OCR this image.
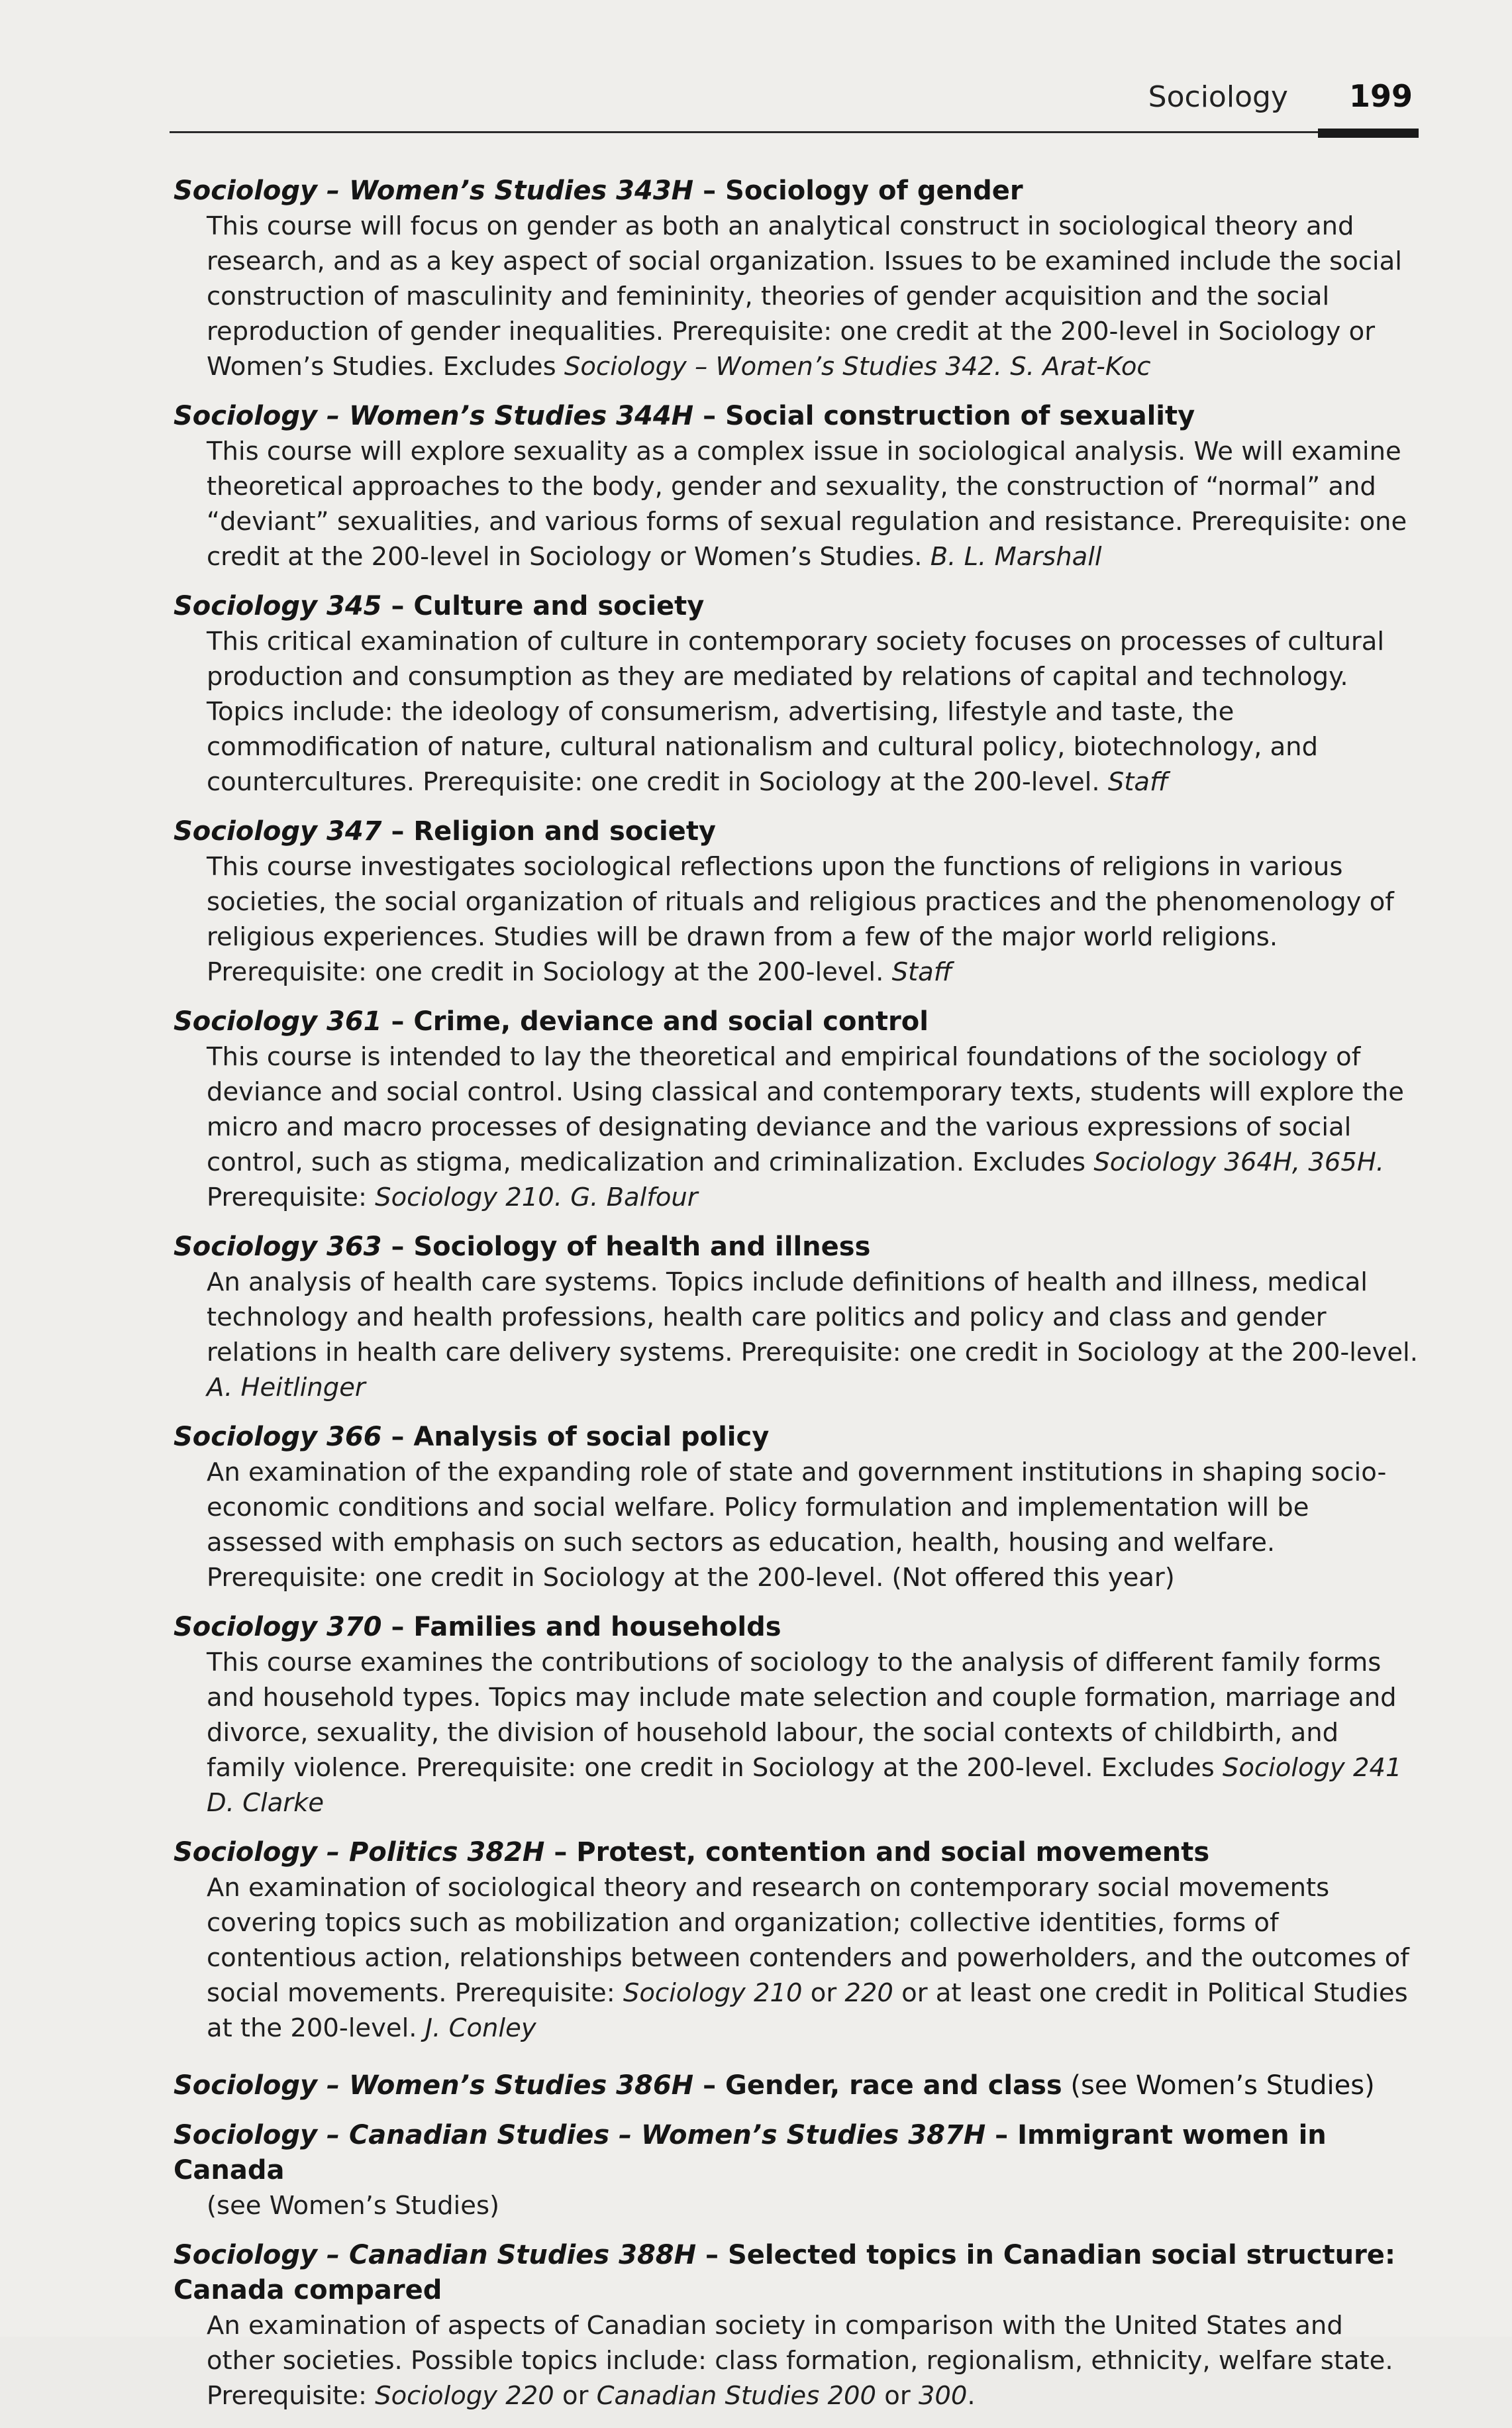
Sociology 199
Sociology – Women’s Studies 343H – Sociology of gender
This course will focus on gender as both an analytical construct in sociological theory and research, and as a key aspect of social organization. Issues to be examined include the social construction of masculinity and femininity, theories of gender acquisition and the social reproduction of gender inequalities. Prerequisite: one credit at the 200-level in Sociology or Women’s Studies. Excludes Sociology – Women’s Studies 342. S. Arat-Koc
Sociology – Women’s Studies 344H – Social construction of sexuality
This course will explore sexuality as a complex issue in sociological analysis. We will examine theoretical approaches to the body, gender and sexuality, the construction of “normal” and “deviant” sexualities, and various forms of sexual regulation and resistance. Prerequisite: one credit at the 200-level in Sociology or Women’s Studies. B. L. Marshall
Sociology 345 – Culture and society
This critical examination of culture in contemporary society focuses on processes of cultural production and consumption as they are mediated by relations of capital and technology. Topics include: the ideology of consumerism, advertising, lifestyle and taste, the commodification of nature, cultural nationalism and cultural policy, biotechnology, and countercultures. Prerequisite: one credit in Sociology at the 200-level. Staff
Sociology 347 – Religion and society
This course investigates sociological reflections upon the functions of religions in various societies, the social organization of rituals and religious practices and the phenomenology of religious experiences. Studies will be drawn from a few of the major world religions. Prerequisite: one credit in Sociology at the 200-level. Staff
Sociology 361 – Crime, deviance and social control
This course is intended to lay the theoretical and empirical foundations of the sociology of deviance and social control. Using classical and contemporary texts, students will explore the micro and macro processes of designating deviance and the various expressions of social control, such as stigma, medicalization and criminalization. Excludes Sociology 364H, 365H. Prerequisite: Sociology 210. G. Balfour
Sociology 363 – Sociology of health and illness
An analysis of health care systems. Topics include definitions of health and illness, medical technology and health professions, health care politics and policy and class and gender relations in health care delivery systems. Prerequisite: one credit in Sociology at the 200-level. A. Heitlinger
Sociology 366 – Analysis of social policy
An examination of the expanding role of state and government institutions in shaping socio-economic conditions and social welfare. Policy formulation and implementation will be assessed with emphasis on such sectors as education, health, housing and welfare. Prerequisite: one credit in Sociology at the 200-level. (Not offered this year)
Sociology 370 – Families and households
This course examines the contributions of sociology to the analysis of different family forms and household types. Topics may include mate selection and couple formation, marriage and divorce, sexuality, the division of household labour, the social contexts of childbirth, and family violence. Prerequisite: one credit in Sociology at the 200-level. Excludes Sociology 241 D. Clarke
Sociology – Politics 382H – Protest, contention and social movements
An examination of sociological theory and research on contemporary social movements covering topics such as mobilization and organization; collective identities, forms of contentious action, relationships between contenders and powerholders, and the outcomes of social movements. Prerequisite: Sociology 210 or 220 or at least one credit in Political Studies at the 200-level. J. Conley
Sociology – Women’s Studies 386H – Gender, race and class (see Women’s Studies)
Sociology – Canadian Studies – Women’s Studies 387H – Immigrant women in Canada
(see Women’s Studies)
Sociology – Canadian Studies 388H – Selected topics in Canadian social structure: Canada compared
An examination of aspects of Canadian society in comparison with the United States and other societies. Possible topics include: class formation, regionalism, ethnicity, welfare state. Prerequisite: Sociology 220 or Canadian Studies 200 or 300.
